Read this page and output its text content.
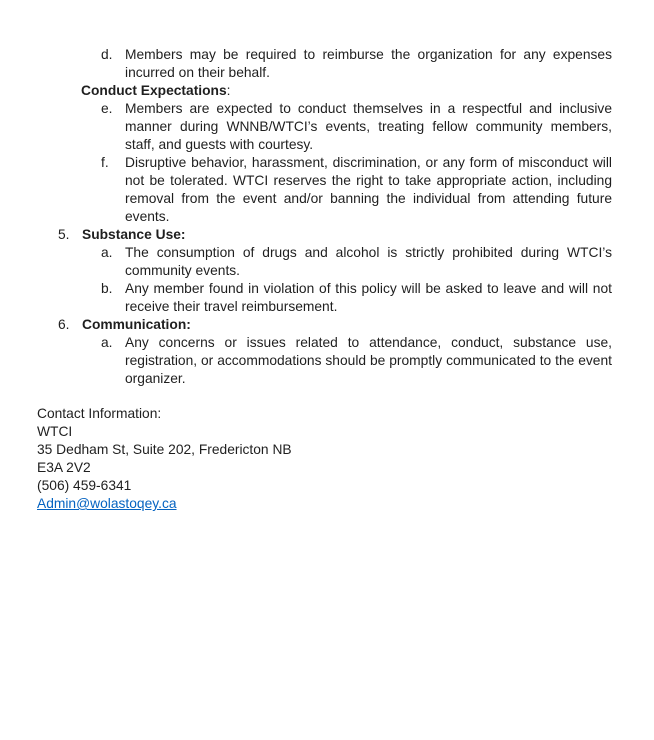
d. Members may be required to reimburse the organization for any expenses incurred on their behalf.
Conduct Expectations:
e. Members are expected to conduct themselves in a respectful and inclusive manner during WNNB/WTCI’s events, treating fellow community members, staff, and guests with courtesy.
f.	Disruptive behavior, harassment, discrimination, or any form of misconduct will not be tolerated. WTCI reserves the right to take appropriate action, including removal from the event and/or banning the individual from attending future events.
5. Substance Use:
a. The consumption of drugs and alcohol is strictly prohibited during WTCI’s community events.
b. Any member found in violation of this policy will be asked to leave and will not receive their travel reimbursement.
6. Communication:
a. Any concerns or issues related to attendance, conduct, substance use, registration, or accommodations should be promptly communicated to the event organizer.
Contact Information:
WTCI
35 Dedham St, Suite 202, Fredericton NB
E3A 2V2
(506) 459-6341
Admin@wolastoqey.ca
